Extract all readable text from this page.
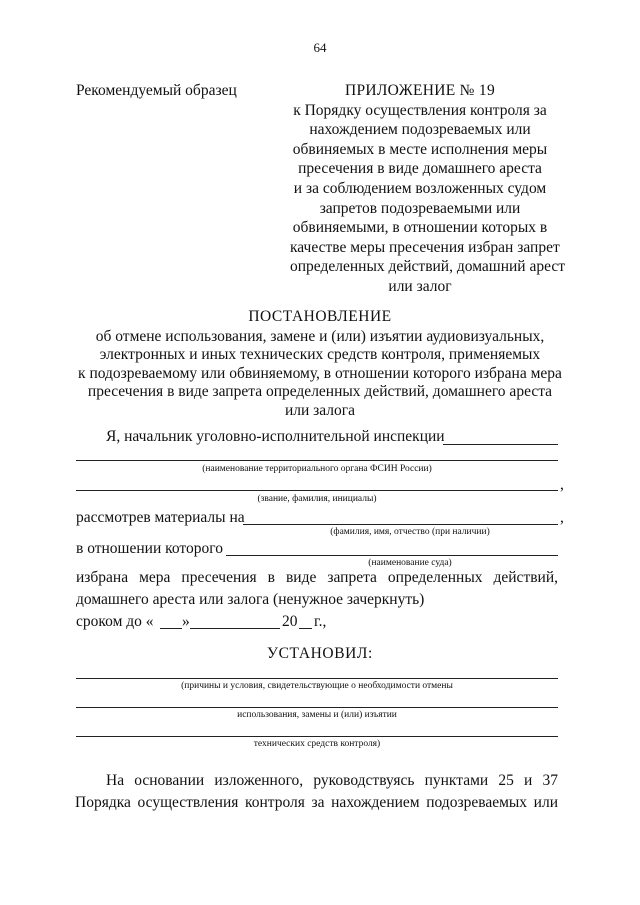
64
Рекомендуемый образец	ПРИЛОЖЕНИЕ № 19
к Порядку осуществления контроля за
нахождением подозреваемых или
обвиняемых в месте исполнения меры
пресечения в виде домашнего ареста
и за соблюдением возложенных судом
запретов подозреваемыми или
обвиняемыми, в отношении которых в
качестве меры пресечения избран запрет
определенных действий, домашний арест
или залог
ПОСТАНОВЛЕНИЕ
об отмене использования, замене и (или) изъятии аудиовизуальных,
электронных и иных технических средств контроля, применяемых
к подозреваемому или обвиняемому, в отношении которого избрана мера
пресечения в виде запрета определенных действий, домашнего ареста
или залога
Я, начальник уголовно-исполнительной инспекции
(наименование территориального органа ФСИН России)
,
(звание, фамилия, инициалы)
рассмотрев материалы на	,
(фамилия, имя, отчество (при наличии)
в отношении которого
(наименование суда)
избрана мера пресечения в виде запрета определенных действий,
домашнего ареста или залога (ненужное зачеркнуть)
сроком до « »	20 г.,
УСТАНОВИЛ:
(причины и условия, свидетельствующие о необходимости отмены
использования, замены и (или) изъятии
технических средств контроля)
На основании изложенного, руководствуясь пунктами 25 и 37
Порядка осуществления контроля за нахождением подозреваемых или
